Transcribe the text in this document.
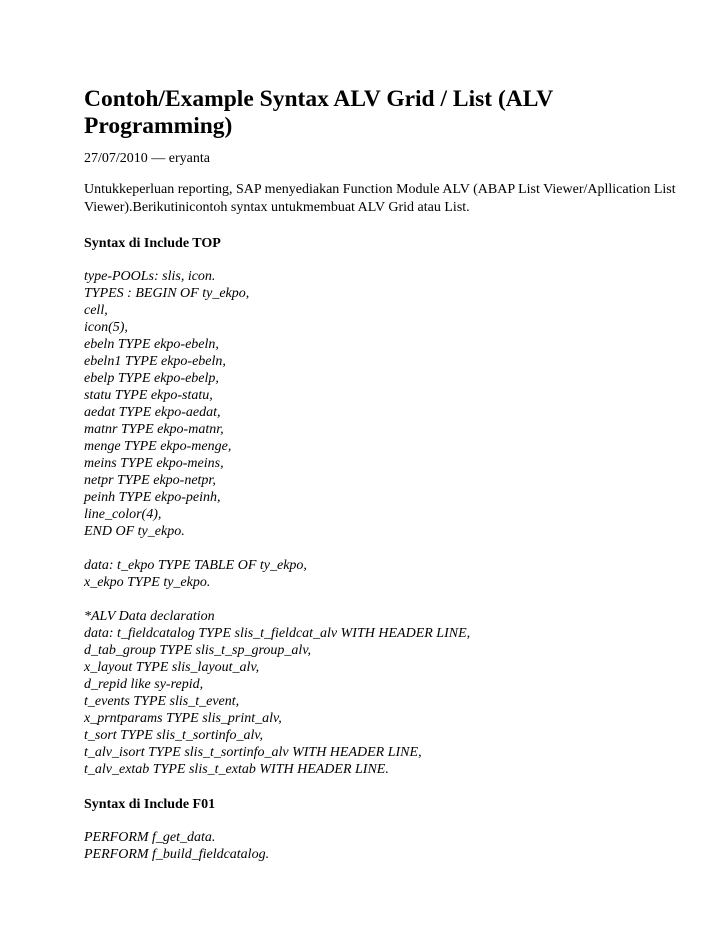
Contoh/Example Syntax ALV Grid / List (ALV Programming)
27/07/2010 — eryanta
Untukkeperluan reporting, SAP menyediakan Function Module ALV (ABAP List Viewer/Apllication List Viewer).Berikutinicontoh syntax untukmembuat ALV Grid atau List.
Syntax di Include TOP
type-POOLs: slis, icon.
TYPES : BEGIN OF ty_ekpo,
cell,
icon(5),
ebeln TYPE ekpo-ebeln,
ebeln1 TYPE ekpo-ebeln,
ebelp TYPE ekpo-ebelp,
statu TYPE ekpo-statu,
aedat TYPE ekpo-aedat,
matnr TYPE ekpo-matnr,
menge TYPE ekpo-menge,
meins TYPE ekpo-meins,
netpr TYPE ekpo-netpr,
peinh TYPE ekpo-peinh,
line_color(4),
END OF ty_ekpo.
data: t_ekpo TYPE TABLE OF ty_ekpo,
x_ekpo TYPE ty_ekpo.
*ALV Data declaration
data: t_fieldcatalog TYPE slis_t_fieldcat_alv WITH HEADER LINE,
d_tab_group TYPE slis_t_sp_group_alv,
x_layout TYPE slis_layout_alv,
d_repid like sy-repid,
t_events TYPE slis_t_event,
x_prntparams TYPE slis_print_alv,
t_sort TYPE slis_t_sortinfo_alv,
t_alv_isort TYPE slis_t_sortinfo_alv WITH HEADER LINE,
t_alv_extab TYPE slis_t_extab WITH HEADER LINE.
Syntax di Include F01
PERFORM f_get_data.
PERFORM f_build_fieldcatalog.
